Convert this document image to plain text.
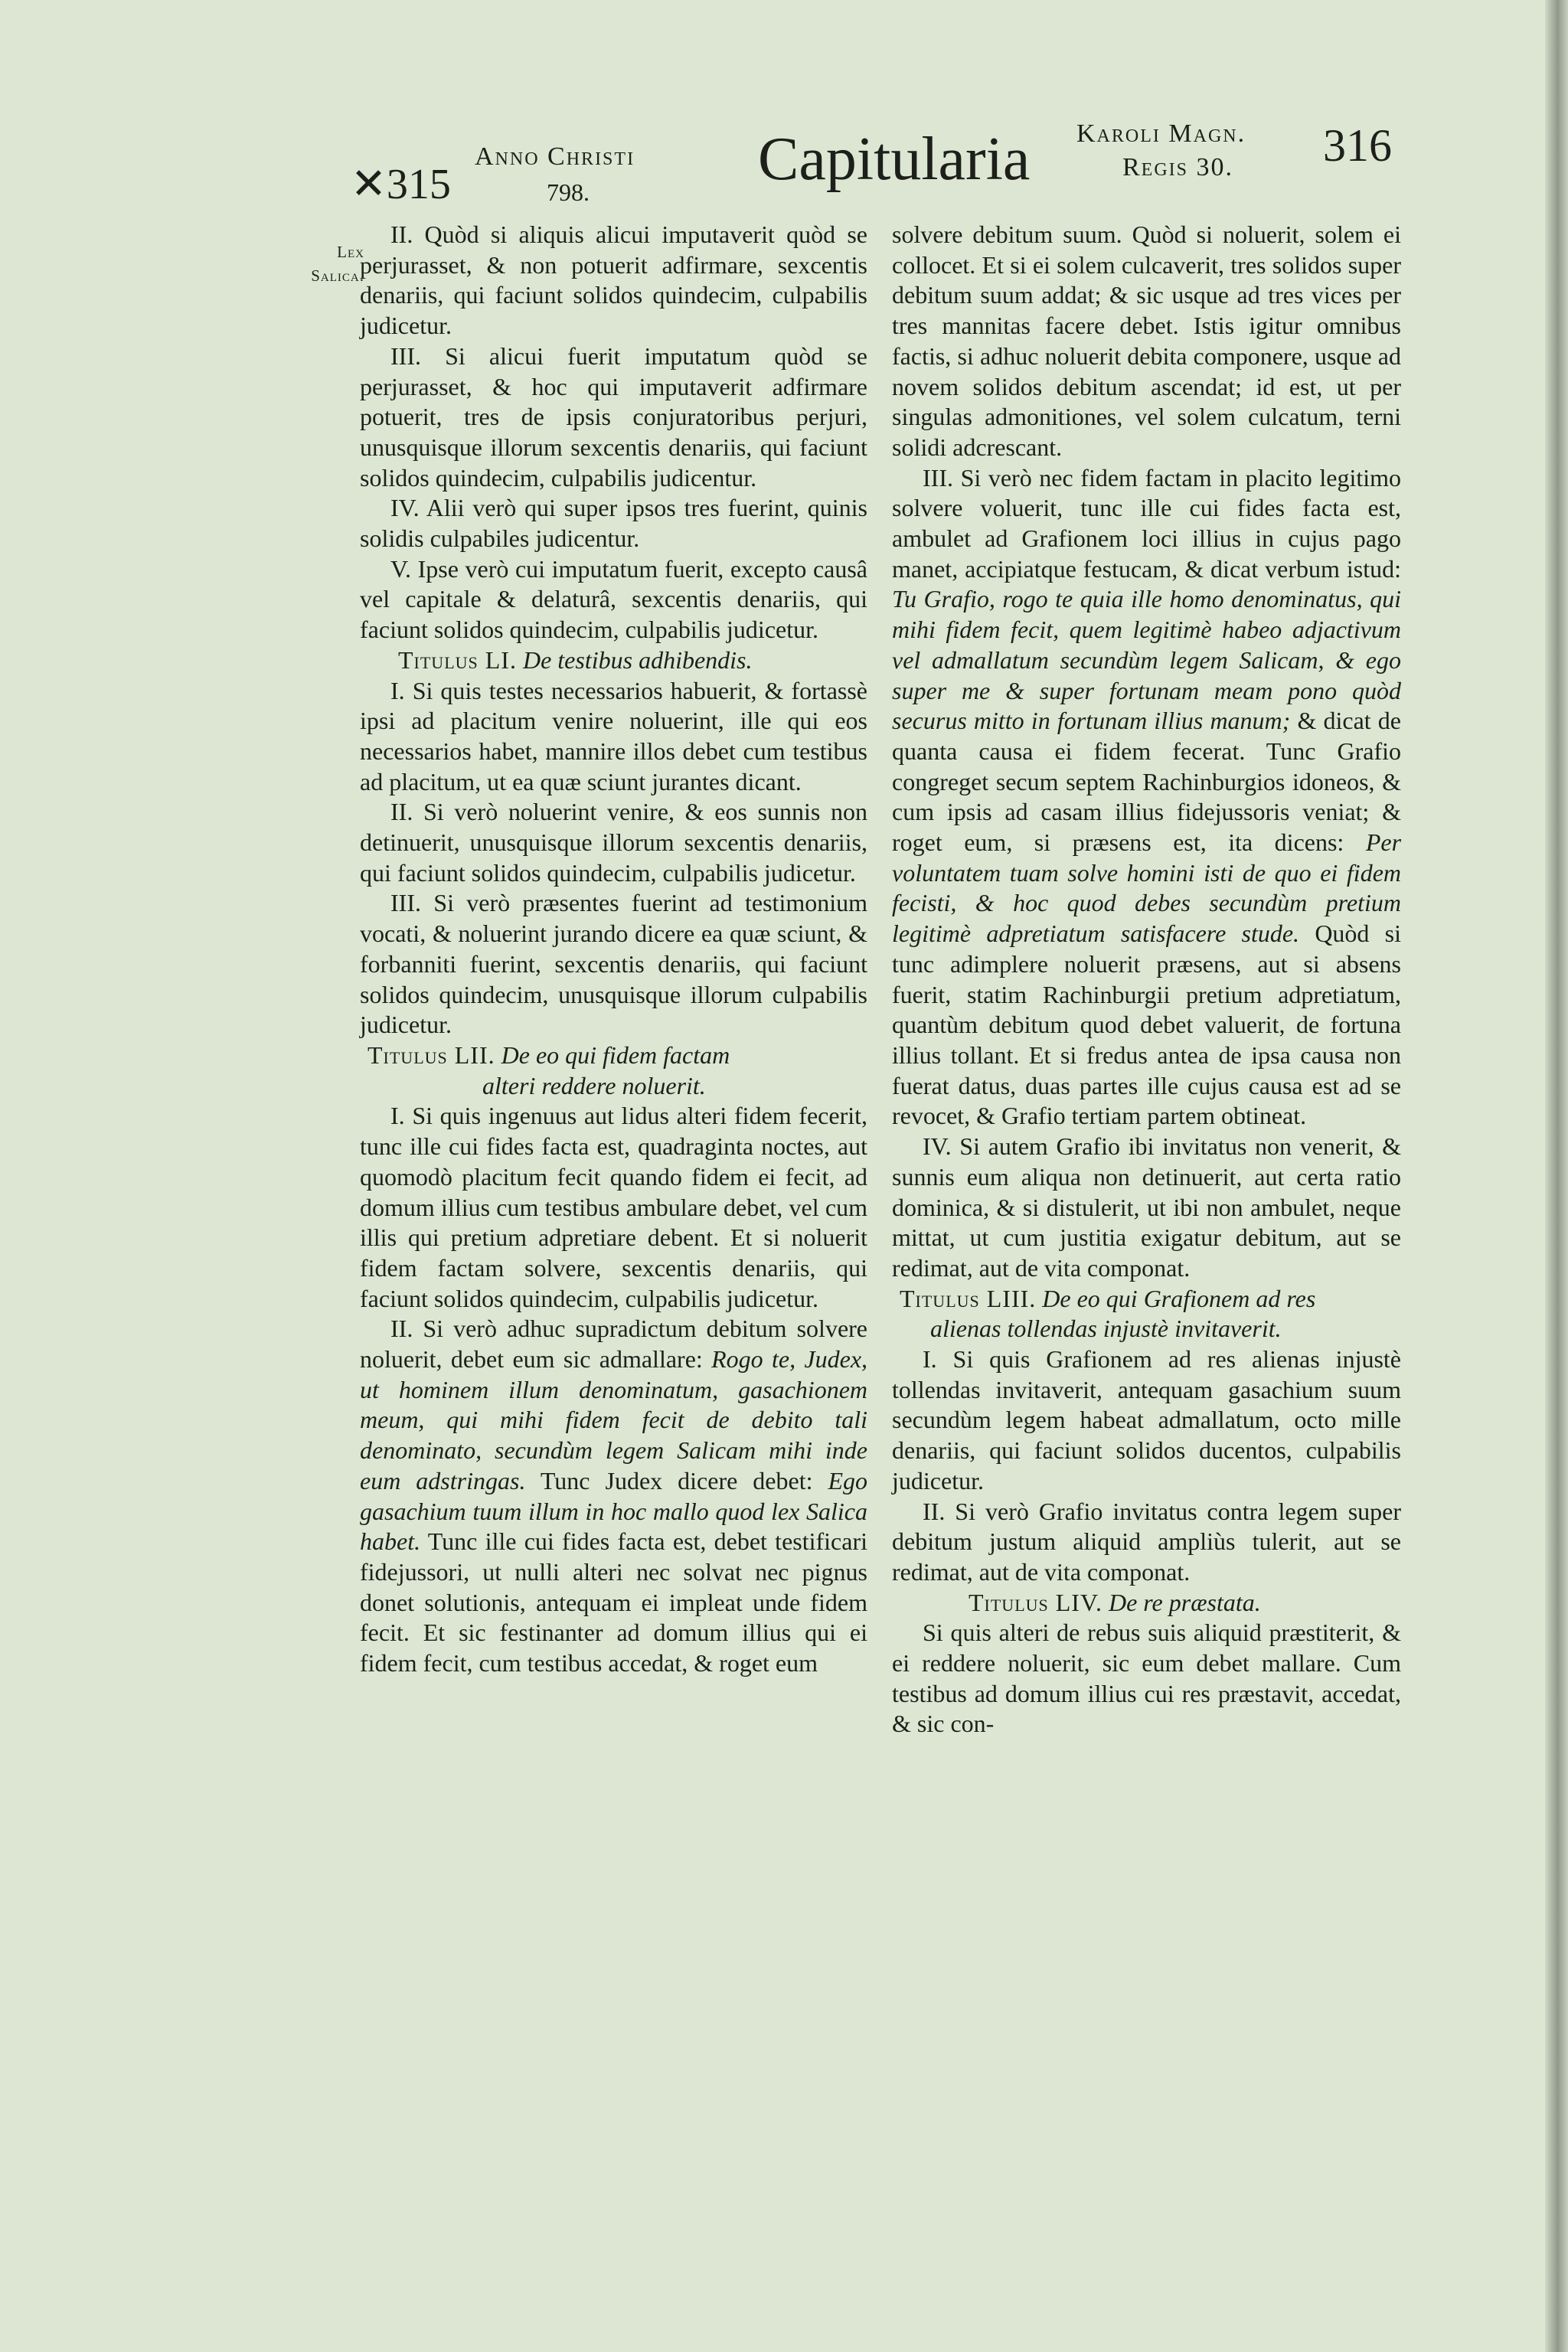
✕315
Anno Christi
798.	Capitularia Karoli Magn.
Regis 30. 316
Lex
Salica.

II. Quòd si aliquis alicui imputaverit quòd se perjurasset, & non potuerit adfirmare, sexcentis denariis, qui faciunt solidos quindecim, culpabilis judicetur.

III. Si alicui fuerit imputatum quòd se perjurasset, & hoc qui imputaverit adfirmare potuerit, tres de ipsis conjuratoribus perjuri, unusquisque illorum sexcentis denariis, qui faciunt solidos quindecim, culpabilis judicentur.

IV. Alii verò qui super ipsos tres fuerint, quinis solidis culpabiles judicentur.

V. Ipse verò cui imputatum fuerit, excepto causâ vel capitale & delaturâ, sexcentis denariis, qui faciunt solidos quindecim, culpabilis judicetur.

Titulus LI. De testibus adhibendis.

I. Si quis testes necessarios habuerit, & fortassè ipsi ad placitum venire noluerint, ille qui eos necessarios habet, mannire illos debet cum testibus ad placitum, ut ea quæ sciunt jurantes dicant.

II. Si verò noluerint venire, & eos sunnis non detinuerit, unusquisque illorum sexcentis denariis, qui faciunt solidos quindecim, culpabilis judicetur.

III. Si verò præsentes fuerint ad testimonium vocati, & noluerint jurando dicere ea quæ sciunt, & forbanniti fuerint, sexcentis denariis, qui faciunt solidos quindecim, unusquisque illorum culpabilis judicetur.

Titulus LII. De eo qui fidem factam
alteri reddere noluerit.

I. Si quis ingenuus aut lidus alteri fidem fecerit, tunc ille cui fides facta est, quadraginta noctes, aut quomodò placitum fecit quando fidem ei fecit, ad domum illius cum testibus ambulare debet, vel cum illis qui pretium adpretiare debent. Et si noluerit fidem factam solvere, sexcentis denariis, qui faciunt solidos quindecim, culpabilis judicetur.

II. Si verò adhuc supradictum debitum solvere noluerit, debet eum sic admallare: Rogo te, Judex, ut hominem illum denominatum, gasachionem meum, qui mihi fidem fecit de debito tali denominato, secundùm legem Salicam mihi inde eum adstringas. Tunc Judex dicere debet: Ego gasachium tuum illum in hoc mallo quod lex Salica habet. Tunc ille cui fides facta est, debet testificari fidejussori, ut nulli alteri nec solvat nec pignus donet solutionis, antequam ei impleat unde fidem fecit. Et sic festinanter ad domum illius qui ei fidem fecit, cum testibus accedat, & roget eum

solvere debitum suum. Quòd si noluerit, solem ei collocet. Et si ei solem culcaverit, tres solidos super debitum suum addat; & sic usque ad tres vices per tres mannitas facere debet. Istis igitur omnibus factis, si adhuc noluerit debita componere, usque ad novem solidos debitum ascendat; id est, ut per singulas admonitiones, vel solem culcatum, terni solidi adcrescant.

III. Si verò nec fidem factam in placito legitimo solvere voluerit, tunc ille cui fides facta est, ambulet ad Grafionem loci illius in cujus pago manet, accipiatque festucam, & dicat verbum istud: Tu Grafio, rogo te quia ille homo denominatus, qui mihi fidem fecit, quem legitimè habeo adjactivum vel admallatum secundùm legem Salicam, & ego super me & super fortunam meam pono quòd securus mitto in fortunam illius manum; & dicat de quanta causa ei fidem fecerat. Tunc Grafio congreget secum septem Rachinburgios idoneos, & cum ipsis ad casam illius fidejussoris veniat; & roget eum, si præsens est, ita dicens: Per voluntatem tuam solve homini isti de quo ei fidem fecisti, & hoc quod debes secundùm pretium legitimè adpretiatum satisfacere stude. Quòd si tunc adimplere noluerit præsens, aut si absens fuerit, statim Rachinburgii pretium adpretiatum, quantùm debitum quod debet valuerit, de fortuna illius tollant. Et si fredus antea de ipsa causa non fuerat datus, duas partes ille cujus causa est ad se revocet, & Grafio tertiam partem obtineat.

IV. Si autem Grafio ibi invitatus non venerit, & sunnis eum aliqua non detinuerit, aut certa ratio dominica, & si distulerit, ut ibi non ambulet, neque mittat, ut cum justitia exigatur debitum, aut se redimat, aut de vita componat.

Titulus LIII. De eo qui Grafionem ad res
alienas tollendas injustè invitaverit.

I. Si quis Grafionem ad res alienas injustè tollendas invitaverit, antequam gasachium suum secundùm legem habeat admallatum, octo mille denariis, qui faciunt solidos ducentos, culpabilis judicetur.

II. Si verò Grafio invitatus contra legem super debitum justum aliquid ampliùs tulerit, aut se redimat, aut de vita componat.

Titulus LIV. De re præstata.

Si quis alteri de rebus suis aliquid præstiterit, & ei reddere noluerit, sic eum debet mallare. Cum testibus ad domum illius cui res præstavit, accedat, & sic con-
